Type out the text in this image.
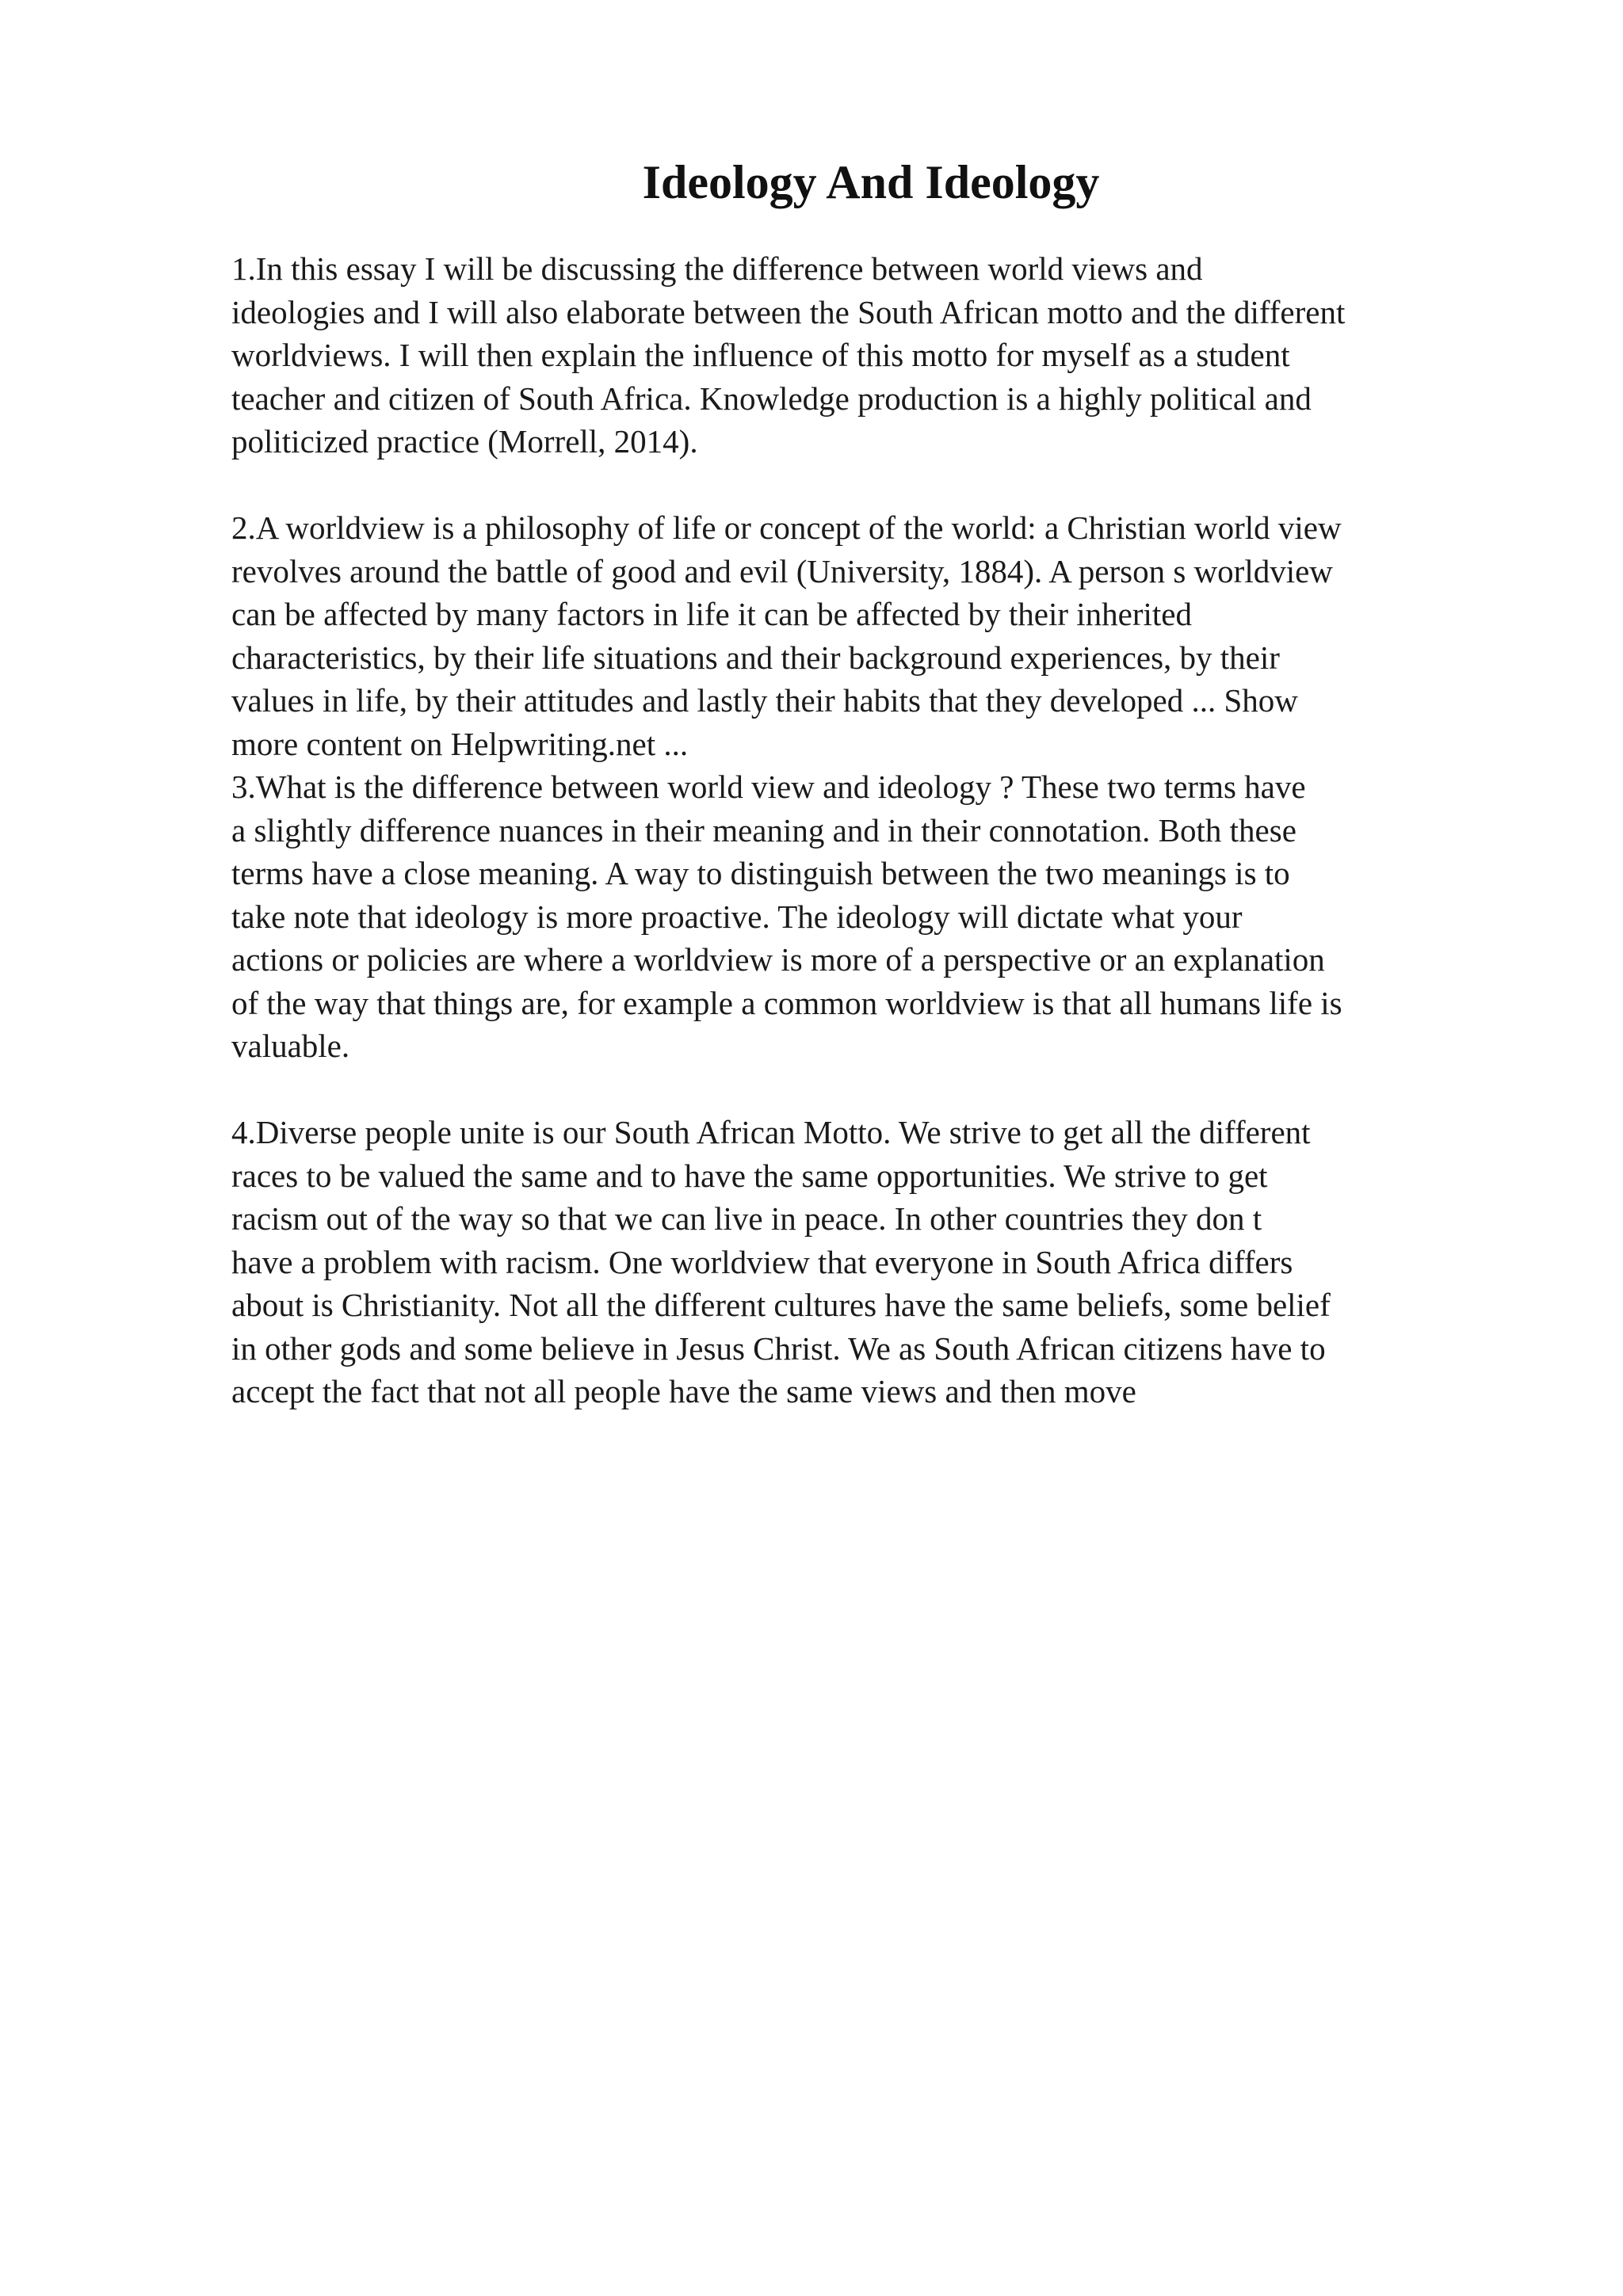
Ideology And Ideology

1.In this essay I will be discussing the difference between world views and
ideologies and I will also elaborate between the South African motto and the different
worldviews. I will then explain the influence of this motto for myself as a student
teacher and citizen of South Africa. Knowledge production is a highly political and
politicized practice (Morrell, 2014).

2.A worldview is a philosophy of life or concept of the world: a Christian world view
revolves around the battle of good and evil (University, 1884). A person s worldview
can be affected by many factors in life it can be affected by their inherited
characteristics, by their life situations and their background experiences, by their
values in life, by their attitudes and lastly their habits that they developed ... Show
more content on Helpwriting.net ...

3.What is the difference between world view and ideology ? These two terms have
a slightly difference nuances in their meaning and in their connotation. Both these
terms have a close meaning. A way to distinguish between the two meanings is to
take note that ideology is more proactive. The ideology will dictate what your
actions or policies are where a worldview is more of a perspective or an explanation
of the way that things are, for example a common worldview is that all humans life is
valuable.

4.Diverse people unite is our South African Motto. We strive to get all the different
races to be valued the same and to have the same opportunities. We strive to get
racism out of the way so that we can live in peace. In other countries they don t
have a problem with racism. One worldview that everyone in South Africa differs
about is Christianity. Not all the different cultures have the same beliefs, some belief
in other gods and some believe in Jesus Christ. We as South African citizens have to
accept the fact that not all people have the same views and then move
